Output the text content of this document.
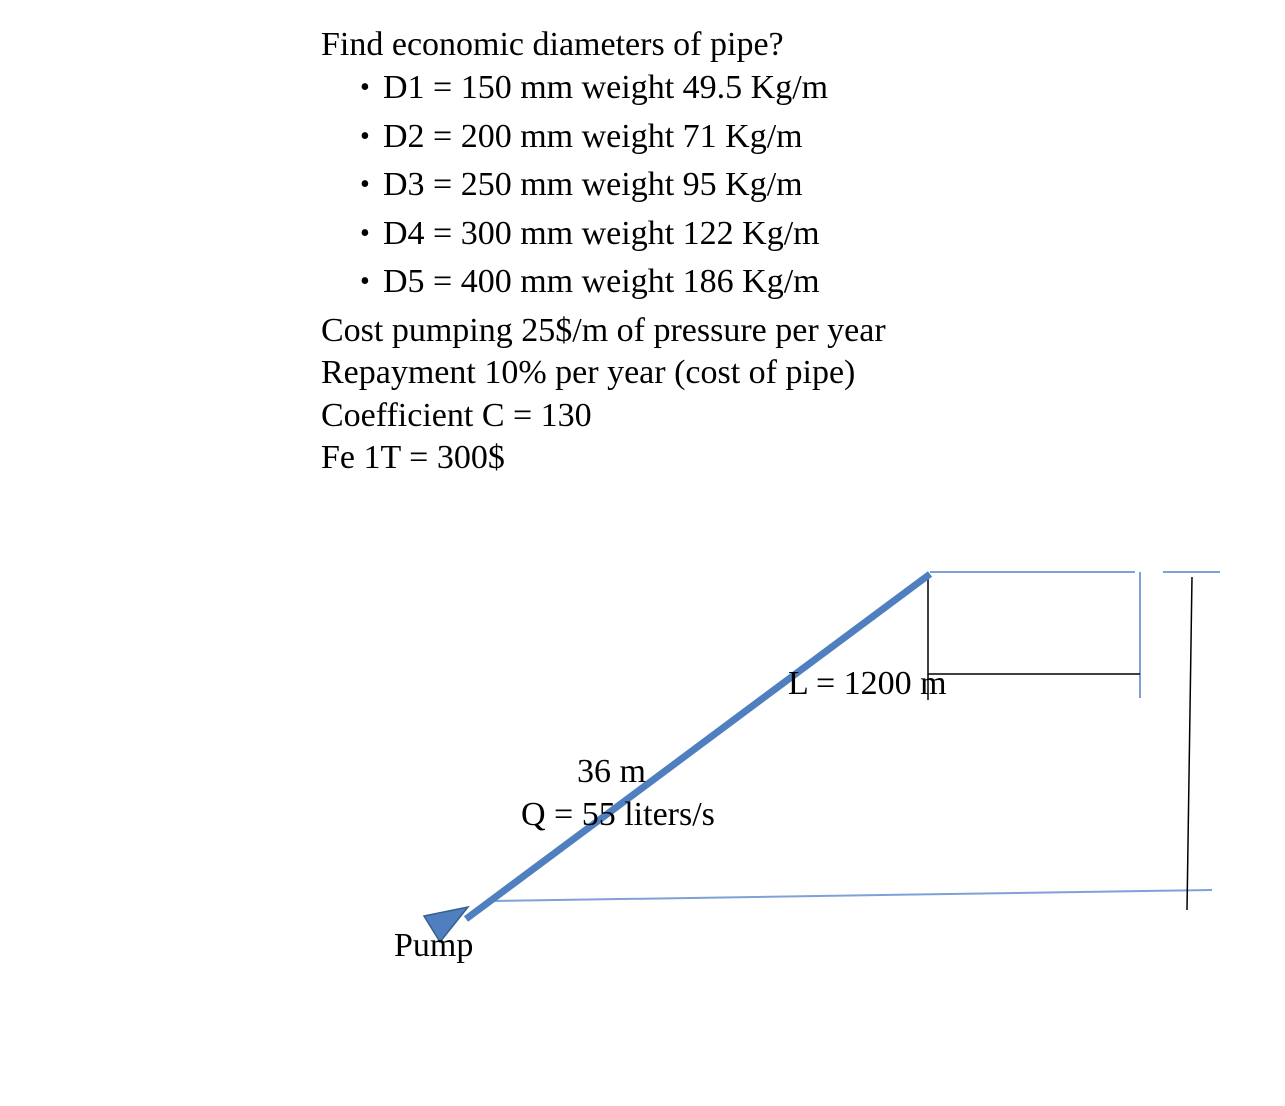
Find economic diameters of pipe?
• D1 = 150 mm weight 49.5 Kg/m
• D2 = 200 mm weight 71 Kg/m
• D3 = 250 mm weight 95 Kg/m
• D4 = 300 mm weight 122 Kg/m
• D5 = 400 mm weight 186 Kg/m
Cost pumping 25$/m of pressure per year
Repayment 10% per year (cost of pipe)
Coefficient C = 130
Fe 1T = 300$
L = 1200 m
36 m
Q = 55 liters/s
Pump
